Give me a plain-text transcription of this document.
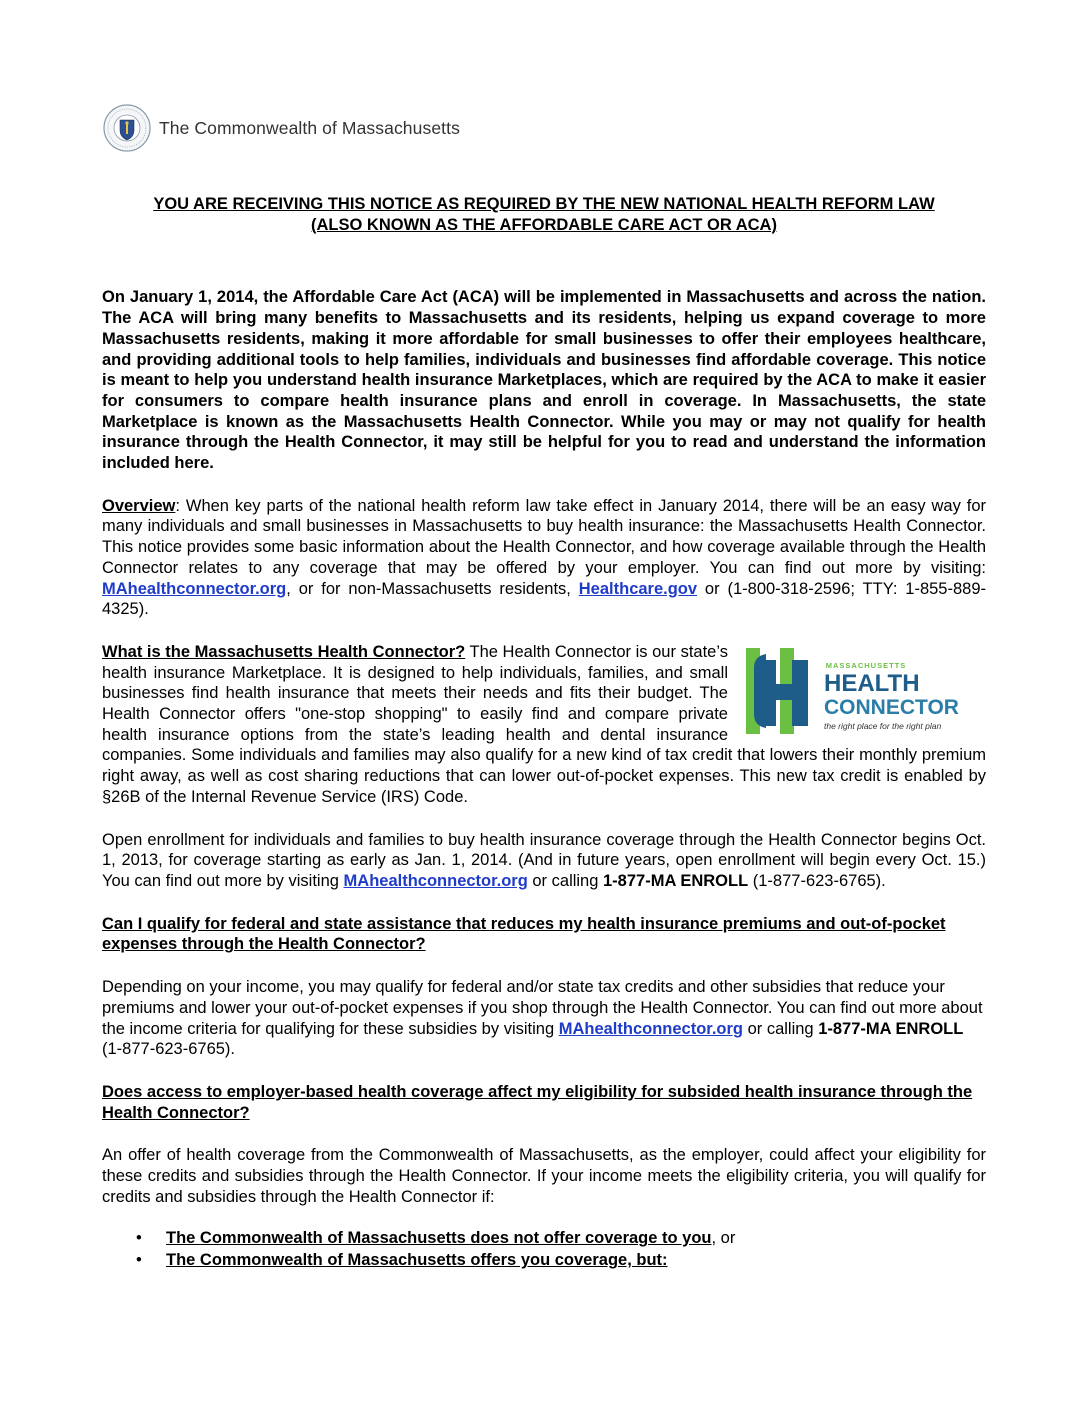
The Commonwealth of Massachusetts

YOU ARE RECEIVING THIS NOTICE AS REQUIRED BY THE NEW NATIONAL HEALTH REFORM LAW

(ALSO KNOWN AS THE AFFORDABLE CARE ACT OR ACA)

On January 1, 2014, the Affordable Care Act (ACA) will be implemented in Massachusetts and across the nation. The ACA will bring many benefits to Massachusetts and its residents, helping us expand coverage to more Massachusetts residents, making it more affordable for small businesses to offer their employees healthcare, and providing additional tools to help families, individuals and businesses find affordable coverage. This notice is meant to help you understand health insurance Marketplaces, which are required by the ACA to make it easier for consumers to compare health insurance plans and enroll in coverage. In Massachusetts, the state Marketplace is known as the Massachusetts Health Connector. While you may or may not qualify for health insurance through the Health Connector, it may still be helpful for you to read and understand the information included here.

Overview: When key parts of the national health reform law take effect in January 2014, there will be an easy way for many individuals and small businesses in Massachusetts to buy health insurance: the Massachusetts Health Connector. This notice provides some basic information about the Health Connector, and how coverage available through the Health Connector relates to any coverage that may be offered by your employer. You can find out more by visiting: MAhealthconnector.org, or for non-Massachusetts residents, Healthcare.gov or (1-800-318-2596; TTY: 1-855-889-4325).

MASSACHUSETTS
HEALTH
CONNECTOR
the right place for the right plan
What is the Massachusetts Health Connector? The Health Connector is our state’s health insurance Marketplace. It is designed to help individuals, families, and small businesses find health insurance that meets their needs and fits their budget. The Health Connector offers "one-stop shopping" to easily find and compare private health insurance options from the state’s leading health and dental insurance companies. Some individuals and families may also qualify for a new kind of tax credit that lowers their monthly premium right away, as well as cost sharing reductions that can lower out-of-pocket expenses. This new tax credit is enabled by §26B of the Internal Revenue Service (IRS) Code.

Open enrollment for individuals and families to buy health insurance coverage through the Health Connector begins Oct. 1, 2013, for coverage starting as early as Jan. 1, 2014. (And in future years, open enrollment will begin every Oct. 15.) You can find out more by visiting MAhealthconnector.org or calling 1-877-MA ENROLL (1-877-623-6765).

Can I qualify for federal and state assistance that reduces my health insurance premiums and out-of-pocket expenses through the Health Connector?

Depending on your income, you may qualify for federal and/or state tax credits and other subsidies that reduce your premiums and lower your out-of-pocket expenses if you shop through the Health Connector. You can find out more about the income criteria for qualifying for these subsidies by visiting MAhealthconnector.org or calling 1-877-MA ENROLL (1-877-623-6765).

Does access to employer-based health coverage affect my eligibility for subsided health insurance through the Health Connector?

An offer of health coverage from the Commonwealth of Massachusetts, as the employer, could affect your eligibility for these credits and subsidies through the Health Connector. If your income meets the eligibility criteria, you will qualify for credits and subsidies through the Health Connector if:

• The Commonwealth of Massachusetts does not offer coverage to you, or
• The Commonwealth of Massachusetts offers you coverage, but:
